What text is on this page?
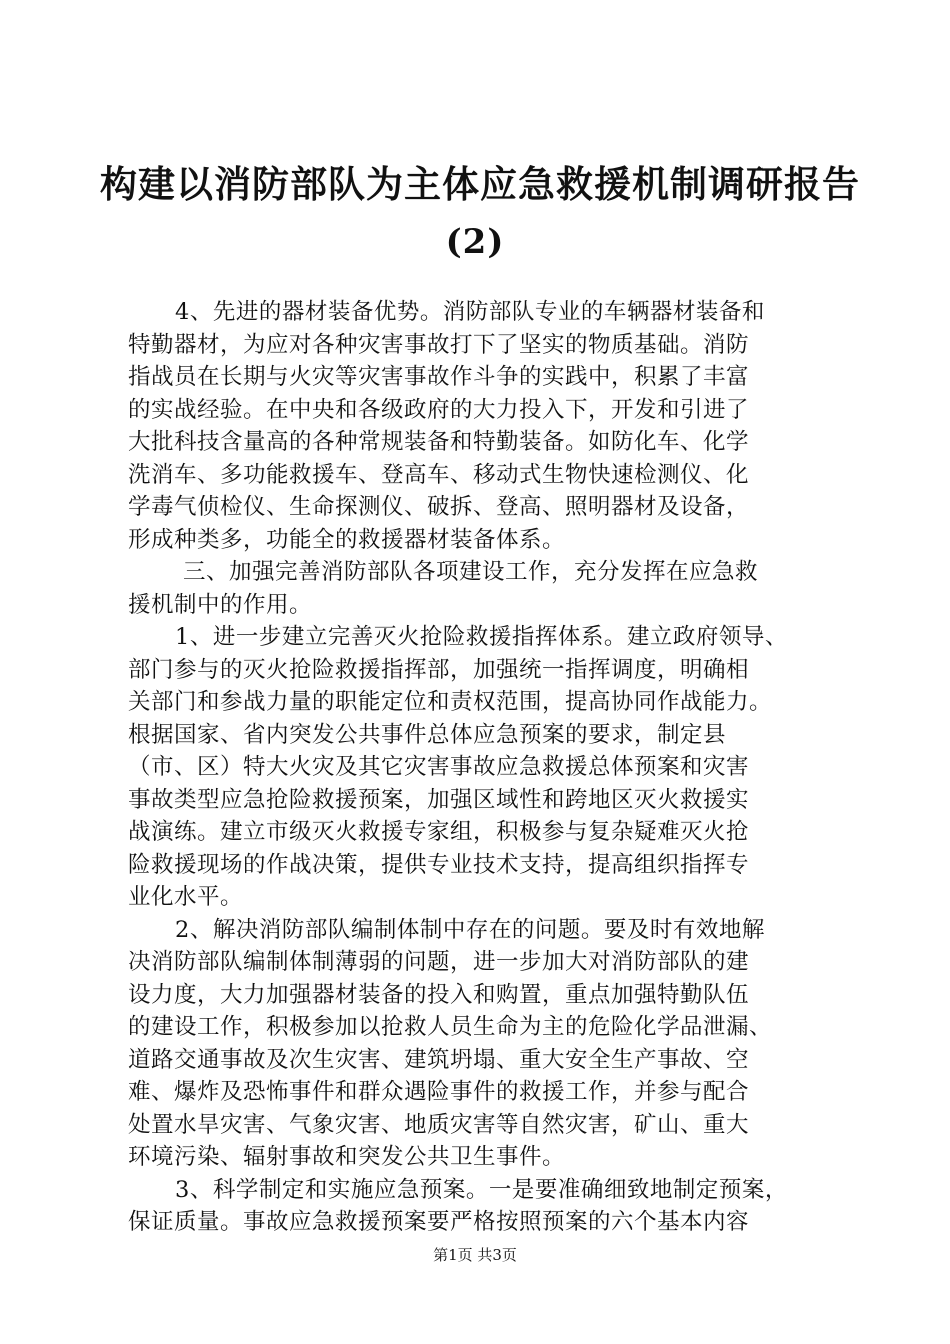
构建以消防部队为主体应急救援机制调研报告
(2)
4、先进的器材装备优势。消防部队专业的车辆器材装备和
特勤器材，为应对各种灾害事故打下了坚实的物质基础。消防
指战员在长期与火灾等灾害事故作斗争的实践中，积累了丰富
的实战经验。在中央和各级政府的大力投入下，开发和引进了
大批科技含量高的各种常规装备和特勤装备。如防化车、化学
洗消车、多功能救援车、登高车、移动式生物快速检测仪、化
学毒气侦检仪、生命探测仪、破拆、登高、照明器材及设备，
形成种类多，功能全的救援器材装备体系。
三、加强完善消防部队各项建设工作，充分发挥在应急救
援机制中的作用。
1、进一步建立完善灭火抢险救援指挥体系。建立政府领导、
部门参与的灭火抢险救援指挥部，加强统一指挥调度，明确相
关部门和参战力量的职能定位和责权范围，提高协同作战能力。
根据国家、省内突发公共事件总体应急预案的要求，制定县
（市、区）特大火灾及其它灾害事故应急救援总体预案和灾害
事故类型应急抢险救援预案，加强区域性和跨地区灭火救援实
战演练。建立市级灭火救援专家组，积极参与复杂疑难灭火抢
险救援现场的作战决策，提供专业技术支持，提高组织指挥专
业化水平。
2、解决消防部队编制体制中存在的问题。要及时有效地解
决消防部队编制体制薄弱的问题，进一步加大对消防部队的建
设力度，大力加强器材装备的投入和购置，重点加强特勤队伍
的建设工作，积极参加以抢救人员生命为主的危险化学品泄漏、
道路交通事故及次生灾害、建筑坍塌、重大安全生产事故、空
难、爆炸及恐怖事件和群众遇险事件的救援工作，并参与配合
处置水旱灾害、气象灾害、地质灾害等自然灾害，矿山、重大
环境污染、辐射事故和突发公共卫生事件。
3、科学制定和实施应急预案。一是要准确细致地制定预案，
保证质量。事故应急救援预案要严格按照预案的六个基本内容
第1页 共3页
